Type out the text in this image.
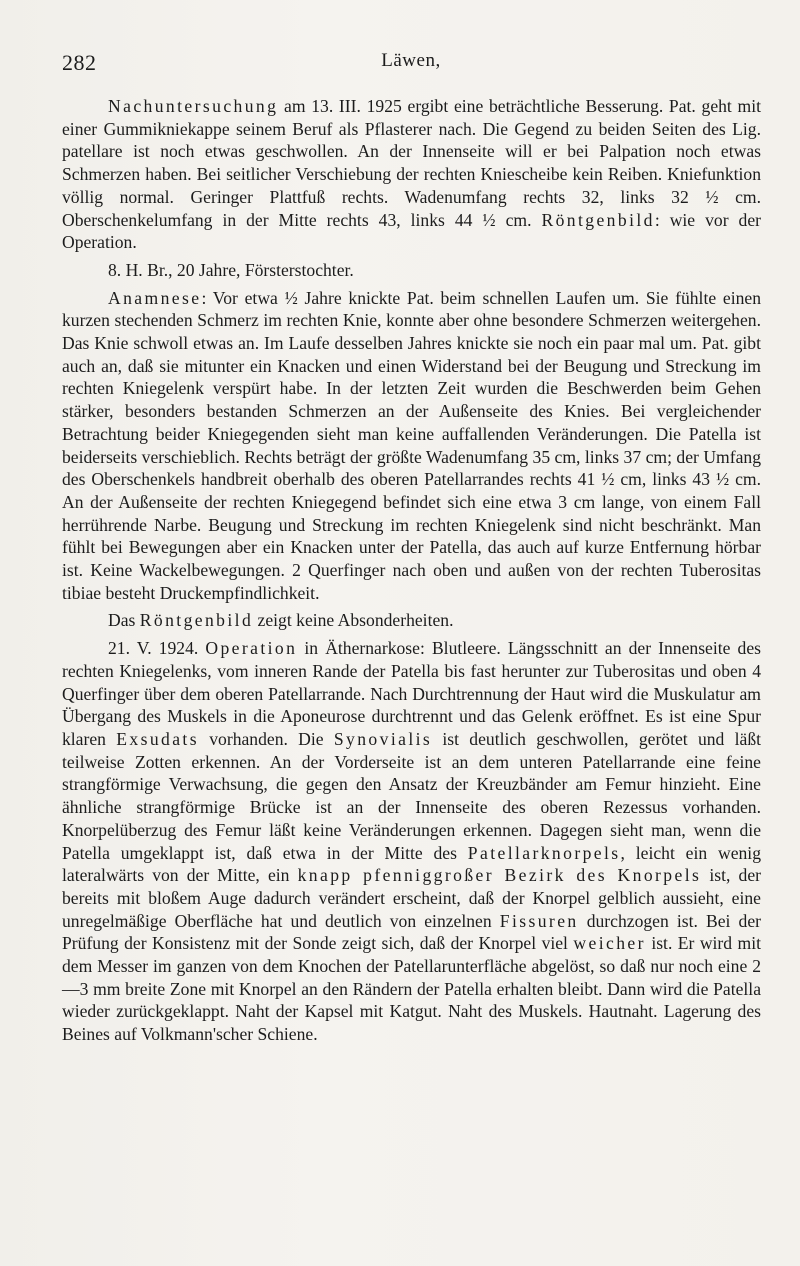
282	Läwen,

Nachuntersuchung am 13. III. 1925 ergibt eine beträchtliche Besserung. Pat. geht mit einer Gummikniekappe seinem Beruf als Pflasterer nach. Die Gegend zu beiden Seiten des Lig. patellare ist noch etwas geschwollen. An der Innenseite will er bei Palpation noch etwas Schmerzen haben. Bei seitlicher Verschiebung der rechten Kniescheibe kein Reiben. Kniefunktion völlig normal. Geringer Plattfuß rechts. Wadenumfang rechts 32, links 32 ½ cm. Oberschenkelumfang in der Mitte rechts 43, links 44 ½ cm. Röntgenbild: wie vor der Operation.

8. H. Br., 20 Jahre, Försterstochter.

Anamnese: Vor etwa ½ Jahre knickte Pat. beim schnellen Laufen um. Sie fühlte einen kurzen stechenden Schmerz im rechten Knie, konnte aber ohne besondere Schmerzen weitergehen. Das Knie schwoll etwas an. Im Laufe desselben Jahres knickte sie noch ein paar mal um. Pat. gibt auch an, daß sie mitunter ein Knacken und einen Widerstand bei der Beugung und Streckung im rechten Kniegelenk verspürt habe. In der letzten Zeit wurden die Beschwerden beim Gehen stärker, besonders bestanden Schmerzen an der Außenseite des Knies. Bei vergleichender Betrachtung beider Kniegegenden sieht man keine auffallenden Veränderungen. Die Patella ist beiderseits verschieblich. Rechts beträgt der größte Wadenumfang 35 cm, links 37 cm; der Umfang des Oberschenkels handbreit oberhalb des oberen Patellarrandes rechts 41 ½ cm, links 43 ½ cm. An der Außenseite der rechten Kniegegend befindet sich eine etwa 3 cm lange, von einem Fall herrührende Narbe. Beugung und Streckung im rechten Kniegelenk sind nicht beschränkt. Man fühlt bei Bewegungen aber ein Knacken unter der Patella, das auch auf kurze Entfernung hörbar ist. Keine Wackelbewegungen. 2 Querfinger nach oben und außen von der rechten Tuberositas tibiae besteht Druckempfindlichkeit.

Das Röntgenbild zeigt keine Absonderheiten.

21. V. 1924. Operation in Äthernarkose: Blutleere. Längsschnitt an der Innenseite des rechten Kniegelenks, vom inneren Rande der Patella bis fast herunter zur Tuberositas und oben 4 Querfinger über dem oberen Patellarrande. Nach Durchtrennung der Haut wird die Muskulatur am Übergang des Muskels in die Aponeurose durchtrennt und das Gelenk eröffnet. Es ist eine Spur klaren Exsudats vorhanden. Die Synovialis ist deutlich geschwollen, gerötet und läßt teilweise Zotten erkennen. An der Vorderseite ist an dem unteren Patellarrande eine feine strangförmige Verwachsung, die gegen den Ansatz der Kreuzbänder am Femur hinzieht. Eine ähnliche strangförmige Brücke ist an der Innenseite des oberen Rezessus vorhanden. Knorpelüberzug des Femur läßt keine Veränderungen erkennen. Dagegen sieht man, wenn die Patella umgeklappt ist, daß etwa in der Mitte des Patellarknorpels, leicht ein wenig lateralwärts von der Mitte, ein knapp pfenniggroßer Bezirk des Knorpels ist, der bereits mit bloßem Auge dadurch verändert erscheint, daß der Knorpel gelblich aussieht, eine unregelmäßige Oberfläche hat und deutlich von einzelnen Fissuren durchzogen ist. Bei der Prüfung der Konsistenz mit der Sonde zeigt sich, daß der Knorpel viel weicher ist. Er wird mit dem Messer im ganzen von dem Knochen der Patellarunterfläche abgelöst, so daß nur noch eine 2—3 mm breite Zone mit Knorpel an den Rändern der Patella erhalten bleibt. Dann wird die Patella wieder zurückgeklappt. Naht der Kapsel mit Katgut. Naht des Muskels. Hautnaht. Lagerung des Beines auf Volkmann'scher Schiene.
